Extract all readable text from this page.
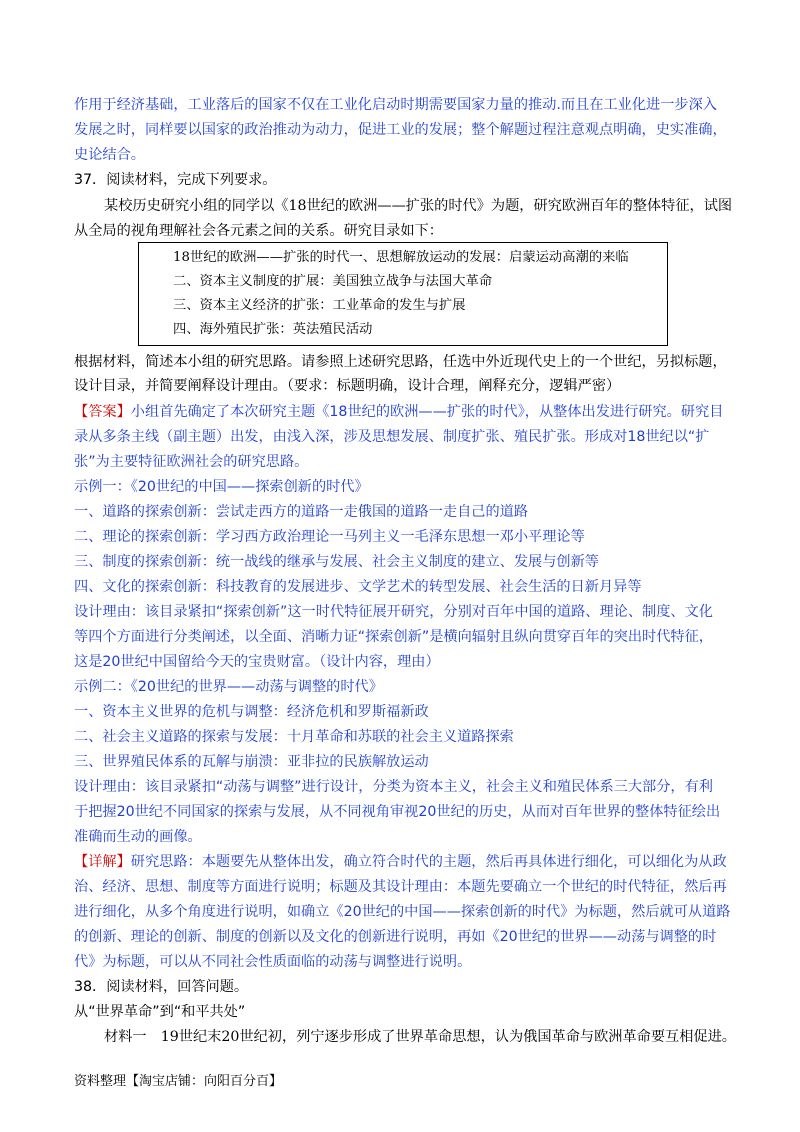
作用于经济基础，工业落后的国家不仅在工业化启动时期需要国家力量的推动.而且在工业化进一步深入
发展之时，同样要以国家的政治推动为动力，促进工业的发展；整个解题过程注意观点明确，史实准确，
史论结合。
37．阅读材料，完成下列要求。
某校历史研究小组的同学以《18世纪的欧洲——扩张的时代》为题，研究欧洲百年的整体特征，试图
从全局的视角理解社会各元素之间的关系。研究目录如下：
18世纪的欧洲——扩张的时代一、思想解放运动的发展：启蒙运动高潮的来临
二、资本主义制度的扩展：美国独立战争与法国大革命
三、资本主义经济的扩张：工业革命的发生与扩展
四、海外殖民扩张：英法殖民活动
根据材料，简述本小组的研究思路。请参照上述研究思路，任选中外近现代史上的一个世纪，另拟标题，
设计目录，并简要阐释设计理由。（要求：标题明确，设计合理，阐释充分，逻辑严密）
【答案】小组首先确定了本次研究主题《18世纪的欧洲——扩张的时代》，从整体出发进行研究。研究目
录从多条主线（副主题）出发，由浅入深，涉及思想发展、制度扩张、殖民扩张。形成对18世纪以“扩
张”为主要特征欧洲社会的研究思路。
示例一：《20世纪的中国——探索创新的时代》
一、道路的探索创新：尝试走西方的道路一走俄国的道路一走自己的道路
二、理论的探索创新：学习西方政治理论一马列主义一毛泽东思想一邓小平理论等
三、制度的探索创新：统一战线的继承与发展、社会主义制度的建立、发展与创新等
四、文化的探索创新：科技教育的发展进步、文学艺术的转型发展、社会生活的日新月异等
设计理由：该目录紧扣“探索创新”这一时代特征展开研究，分别对百年中国的道路、理论、制度、文化
等四个方面进行分类阐述，以全面、消晰力证“探索创新”是横向辐射且纵向贯穿百年的突出时代特征，
这是20世纪中国留给今天的宝贵财富。（设计内容，理由）
示例二：《20世纪的世界——动荡与调整的时代》
一、资本主义世界的危机与调整：经济危机和罗斯福新政
二、社会主义道路的探索与发展：十月革命和苏联的社会主义道路探索
三、世界殖民体系的瓦解与崩溃：亚非拉的民族解放运动
设计理由：该目录紧扣“动荡与调整”进行设计，分类为资本主义，社会主义和殖民体系三大部分，有利
于把握20世纪不同国家的探索与发展，从不同视角审视20世纪的历史，从而对百年世界的整体特征绘出
准确而生动的画像。
【详解】研究思路：本题要先从整体出发，确立符合时代的主题，然后再具体进行细化，可以细化为从政
治、经济、思想、制度等方面进行说明；标题及其设计理由：本题先要确立一个世纪的时代特征，然后再
进行细化，从多个角度进行说明，如确立《20世纪的中国——探索创新的时代》为标题，然后就可从道路
的创新、理论的创新、制度的创新以及文化的创新进行说明，再如《20世纪的世界——动荡与调整的时
代》为标题，可以从不同社会性质面临的动荡与调整进行说明。
38．阅读材料，回答问题。
从“世界革命”到“和平共处”
材料一　19世纪末20世纪初，列宁逐步形成了世界革命思想，认为俄国革命与欧洲革命要互相促进。
资料整理【淘宝店铺：向阳百分百】
